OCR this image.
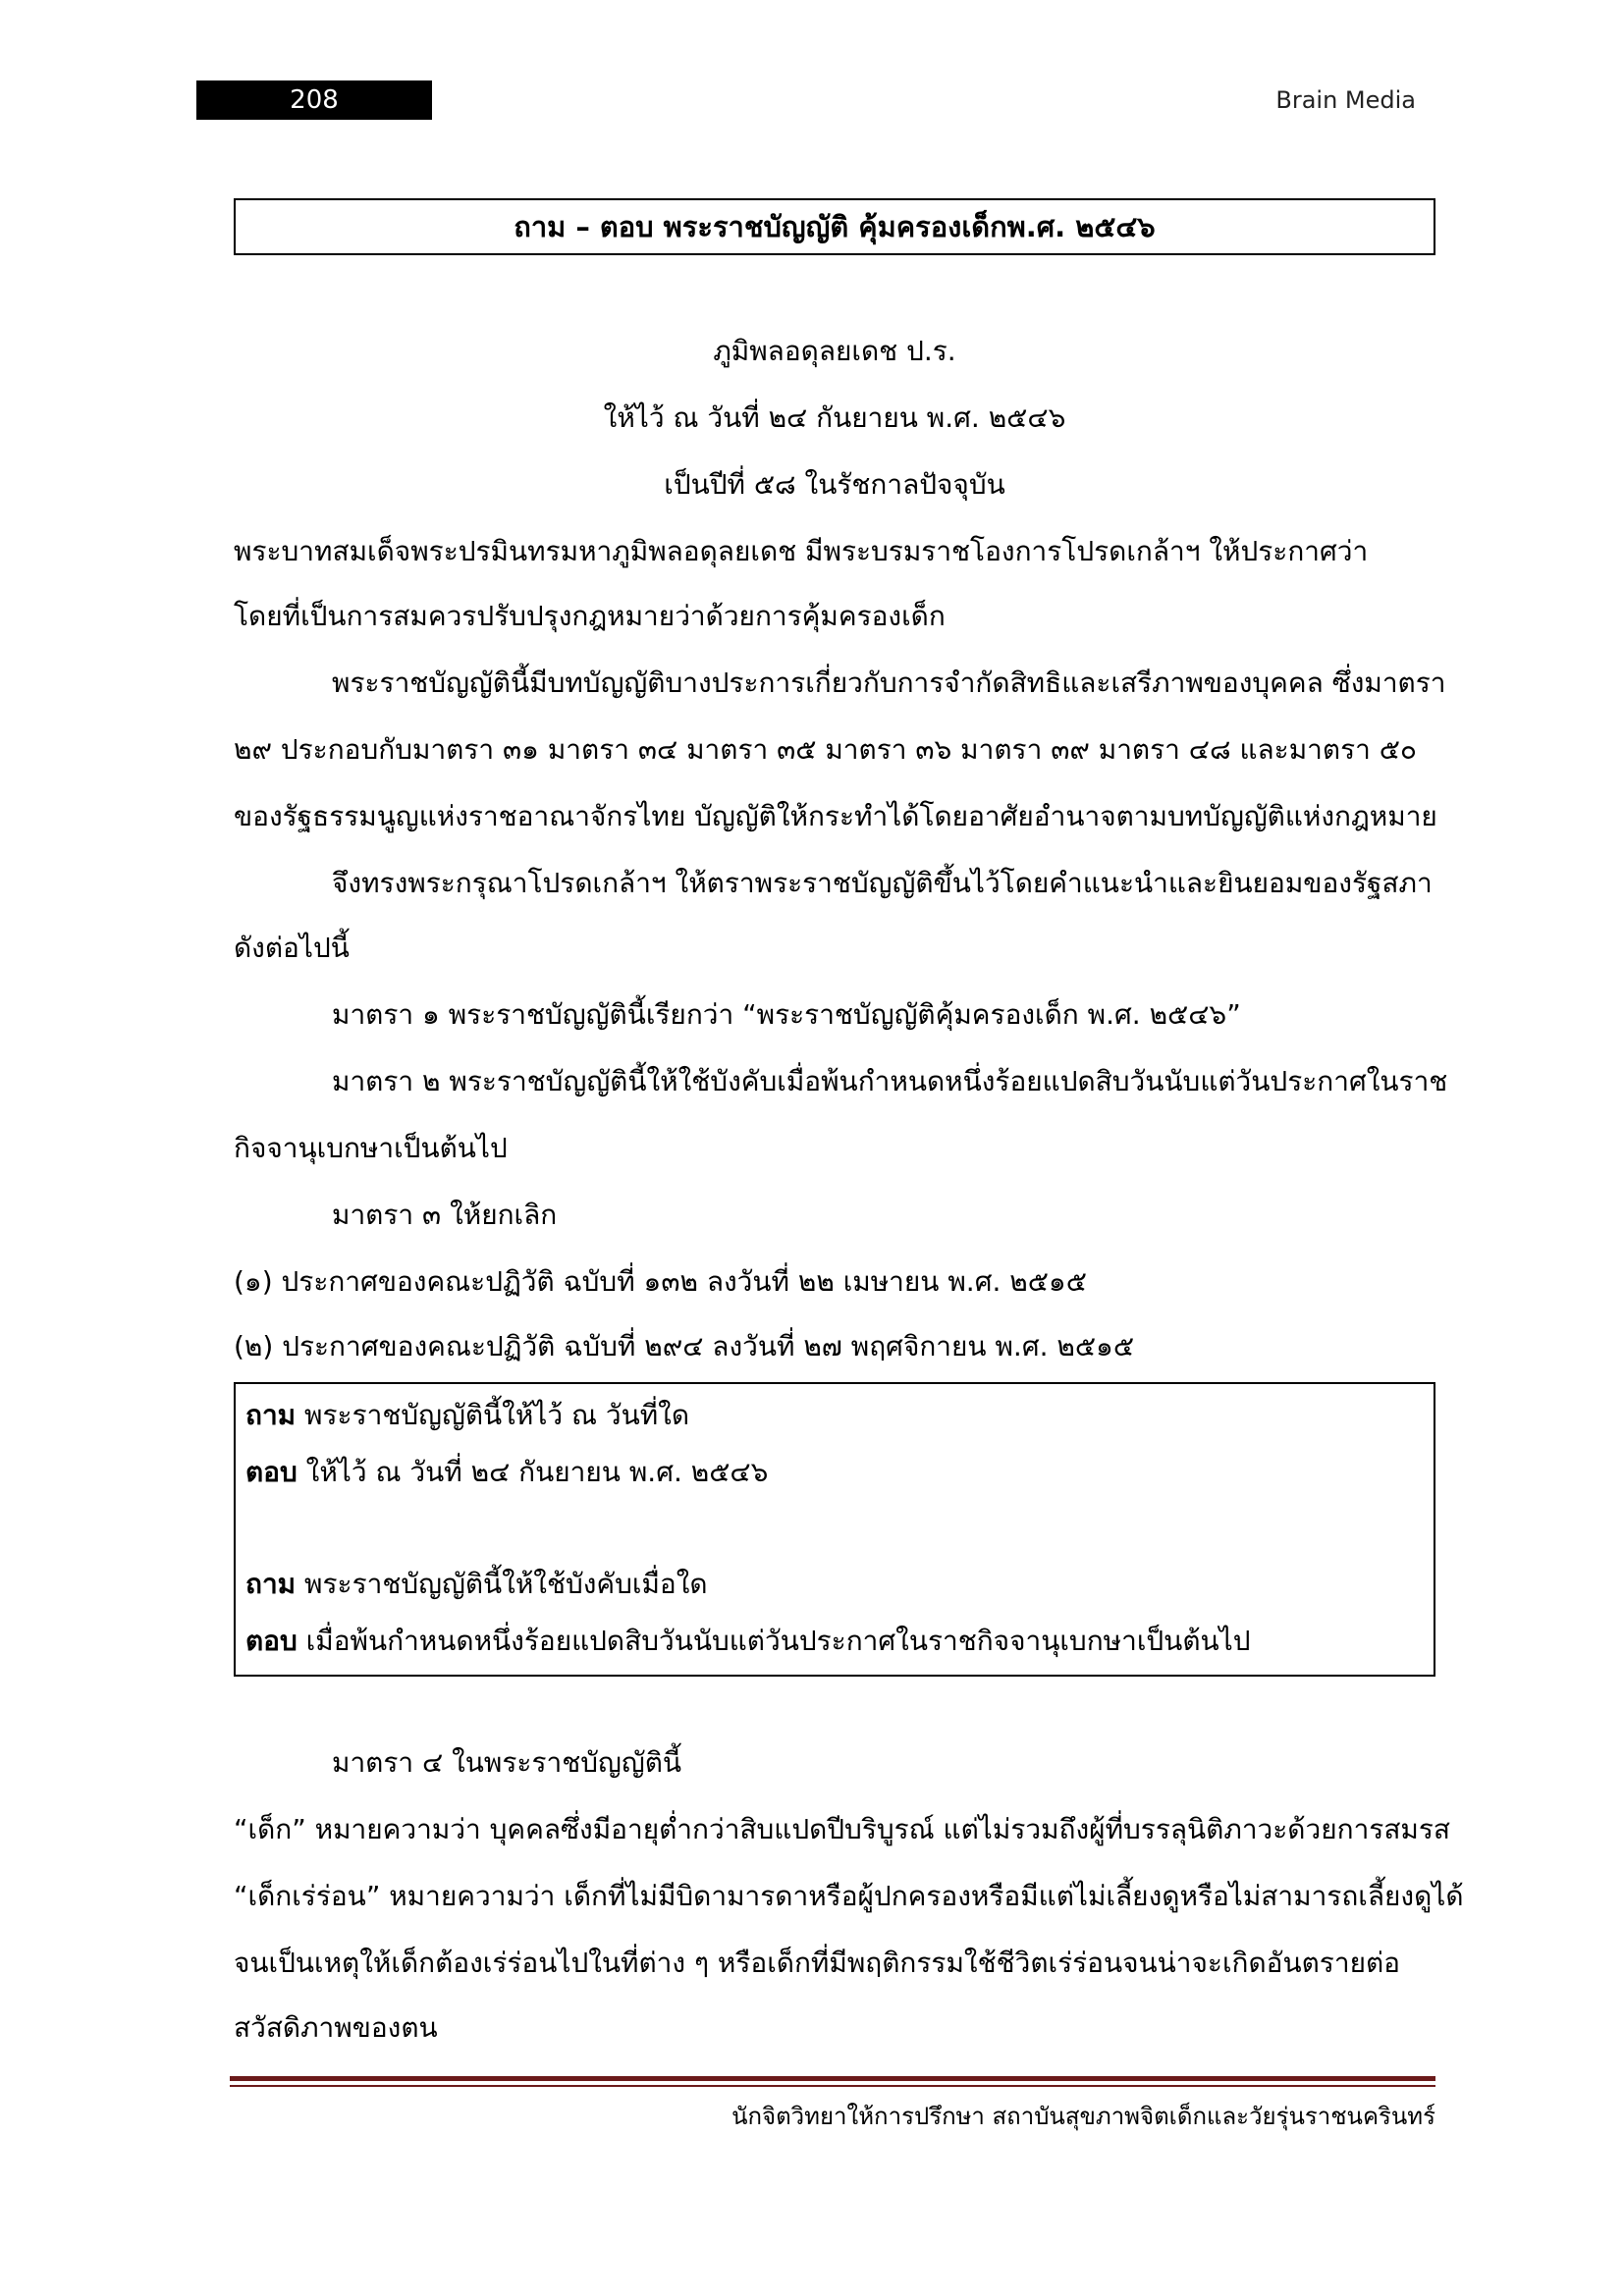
208	Brain Media
ถาม – ตอบ พระราชบัญญัติ คุ้มครองเด็กพ.ศ. ๒๕๔๖
ภูมิพลอดุลยเดช ป.ร.
ให้ไว้ ณ วันที่ ๒๔ กันยายน พ.ศ. ๒๕๔๖
เป็นปีที่ ๕๘ ในรัชกาลปัจจุบัน
พระบาทสมเด็จพระปรมินทรมหาภูมิพลอดุลยเดช มีพระบรมราชโองการโปรดเกล้าฯ ให้ประกาศว่า
โดยที่เป็นการสมควรปรับปรุงกฎหมายว่าด้วยการคุ้มครองเด็ก
พระราชบัญญัตินี้มีบทบัญญัติบางประการเกี่ยวกับการจำกัดสิทธิและเสรีภาพของบุคคล ซึ่งมาตรา
๒๙ ประกอบกับมาตรา ๓๑ มาตรา ๓๔ มาตรา ๓๕ มาตรา ๓๖ มาตรา ๓๙ มาตรา ๔๘ และมาตรา ๕๐
ของรัฐธรรมนูญแห่งราชอาณาจักรไทย บัญญัติให้กระทำได้โดยอาศัยอำนาจตามบทบัญญัติแห่งกฎหมาย
จึงทรงพระกรุณาโปรดเกล้าฯ ให้ตราพระราชบัญญัติขึ้นไว้โดยคำแนะนำและยินยอมของรัฐสภา
ดังต่อไปนี้
มาตรา ๑ พระราชบัญญัตินี้เรียกว่า “พระราชบัญญัติคุ้มครองเด็ก พ.ศ. ๒๕๔๖”
มาตรา ๒ พระราชบัญญัตินี้ให้ใช้บังคับเมื่อพ้นกำหนดหนึ่งร้อยแปดสิบวันนับแต่วันประกาศในราช
กิจจานุเบกษาเป็นต้นไป
มาตรา ๓ ให้ยกเลิก
(๑) ประกาศของคณะปฏิวัติ ฉบับที่ ๑๓๒ ลงวันที่ ๒๒ เมษายน พ.ศ. ๒๕๑๕
(๒) ประกาศของคณะปฏิวัติ ฉบับที่ ๒๙๔ ลงวันที่ ๒๗ พฤศจิกายน พ.ศ. ๒๕๑๕
ถาม พระราชบัญญัตินี้ให้ไว้ ณ วันที่ใด
ตอบ ให้ไว้ ณ วันที่ ๒๔ กันยายน พ.ศ. ๒๕๔๖
ถาม พระราชบัญญัตินี้ให้ใช้บังคับเมื่อใด
ตอบ เมื่อพ้นกำหนดหนึ่งร้อยแปดสิบวันนับแต่วันประกาศในราชกิจจานุเบกษาเป็นต้นไป
มาตรา ๔ ในพระราชบัญญัตินี้
“เด็ก” หมายความว่า บุคคลซึ่งมีอายุต่ำกว่าสิบแปดปีบริบูรณ์ แต่ไม่รวมถึงผู้ที่บรรลุนิติภาวะด้วยการสมรส
“เด็กเร่ร่อน” หมายความว่า เด็กที่ไม่มีบิดามารดาหรือผู้ปกครองหรือมีแต่ไม่เลี้ยงดูหรือไม่สามารถเลี้ยงดูได้
จนเป็นเหตุให้เด็กต้องเร่ร่อนไปในที่ต่าง ๆ หรือเด็กที่มีพฤติกรรมใช้ชีวิตเร่ร่อนจนน่าจะเกิดอันตรายต่อ
สวัสดิภาพของตน
นักจิตวิทยาให้การปรึกษา สถาบันสุขภาพจิตเด็กและวัยรุ่นราชนครินทร์
